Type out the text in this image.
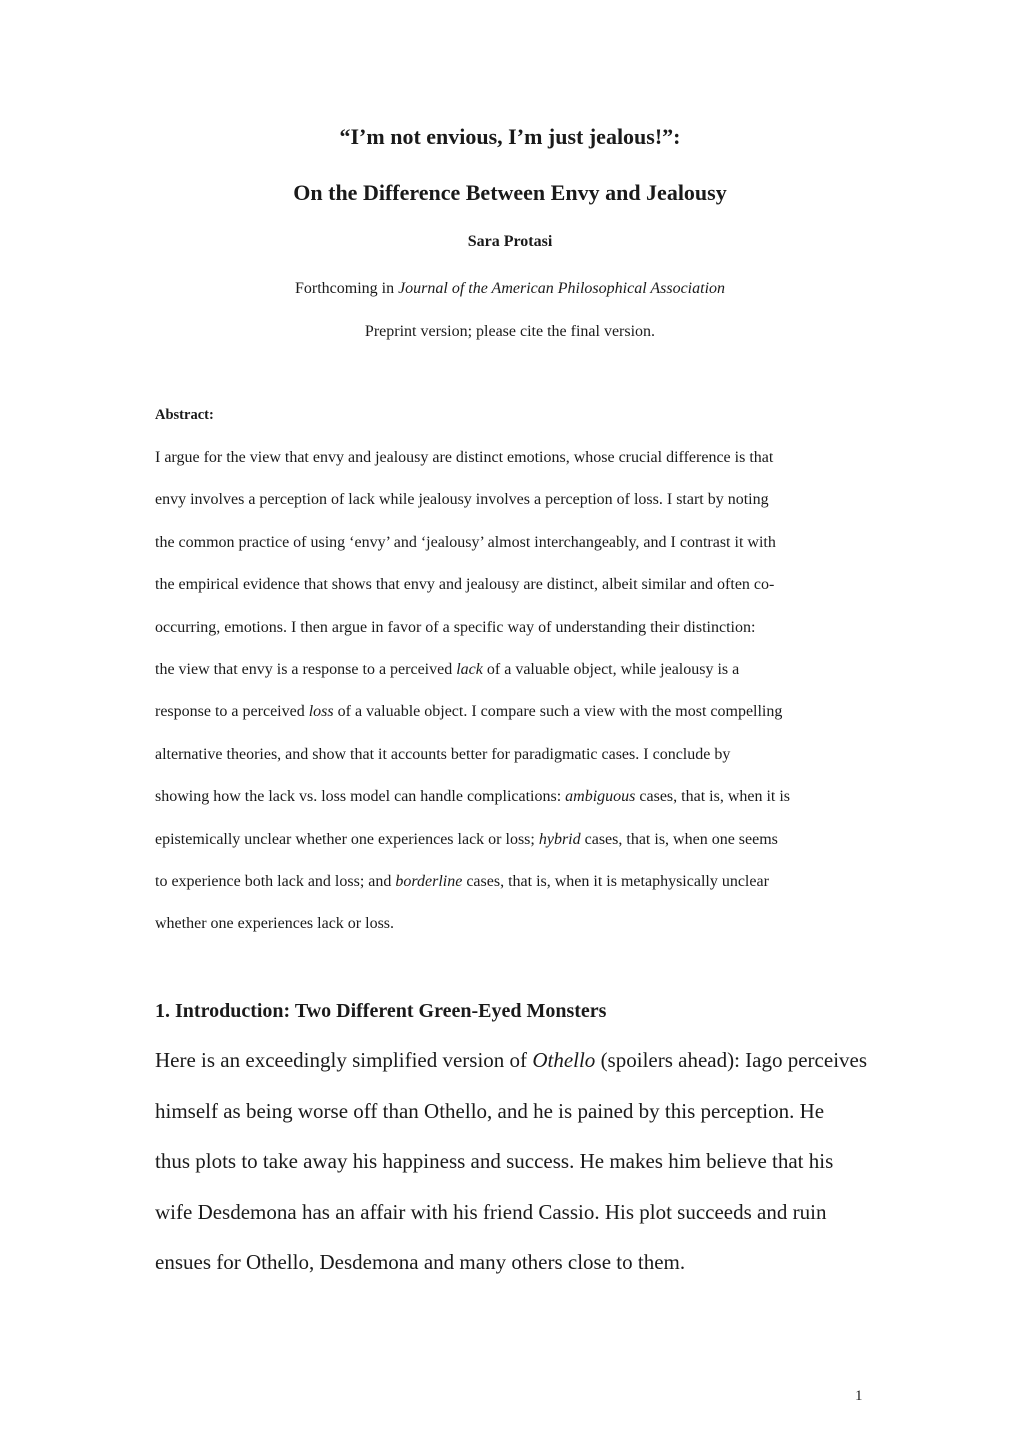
“I’m not envious, I’m just jealous!”:
On the Difference Between Envy and Jealousy
Sara Protasi
Forthcoming in Journal of the American Philosophical Association
Preprint version; please cite the final version.
Abstract:
I argue for the view that envy and jealousy are distinct emotions, whose crucial difference is that
envy involves a perception of lack while jealousy involves a perception of loss. I start by noting
the common practice of using ‘envy’ and ‘jealousy’ almost interchangeably, and I contrast it with
the empirical evidence that shows that envy and jealousy are distinct, albeit similar and often co-
occurring, emotions. I then argue in favor of a specific way of understanding their distinction:
the view that envy is a response to a perceived lack of a valuable object, while jealousy is a
response to a perceived loss of a valuable object. I compare such a view with the most compelling
alternative theories, and show that it accounts better for paradigmatic cases. I conclude by
showing how the lack vs. loss model can handle complications: ambiguous cases, that is, when it is
epistemically unclear whether one experiences lack or loss; hybrid cases, that is, when one seems
to experience both lack and loss; and borderline cases, that is, when it is metaphysically unclear
whether one experiences lack or loss.
1. Introduction: Two Different Green-Eyed Monsters
Here is an exceedingly simplified version of Othello (spoilers ahead): Iago perceives
himself as being worse off than Othello, and he is pained by this perception. He
thus plots to take away his happiness and success. He makes him believe that his
wife Desdemona has an affair with his friend Cassio. His plot succeeds and ruin
ensues for Othello, Desdemona and many others close to them.
1
